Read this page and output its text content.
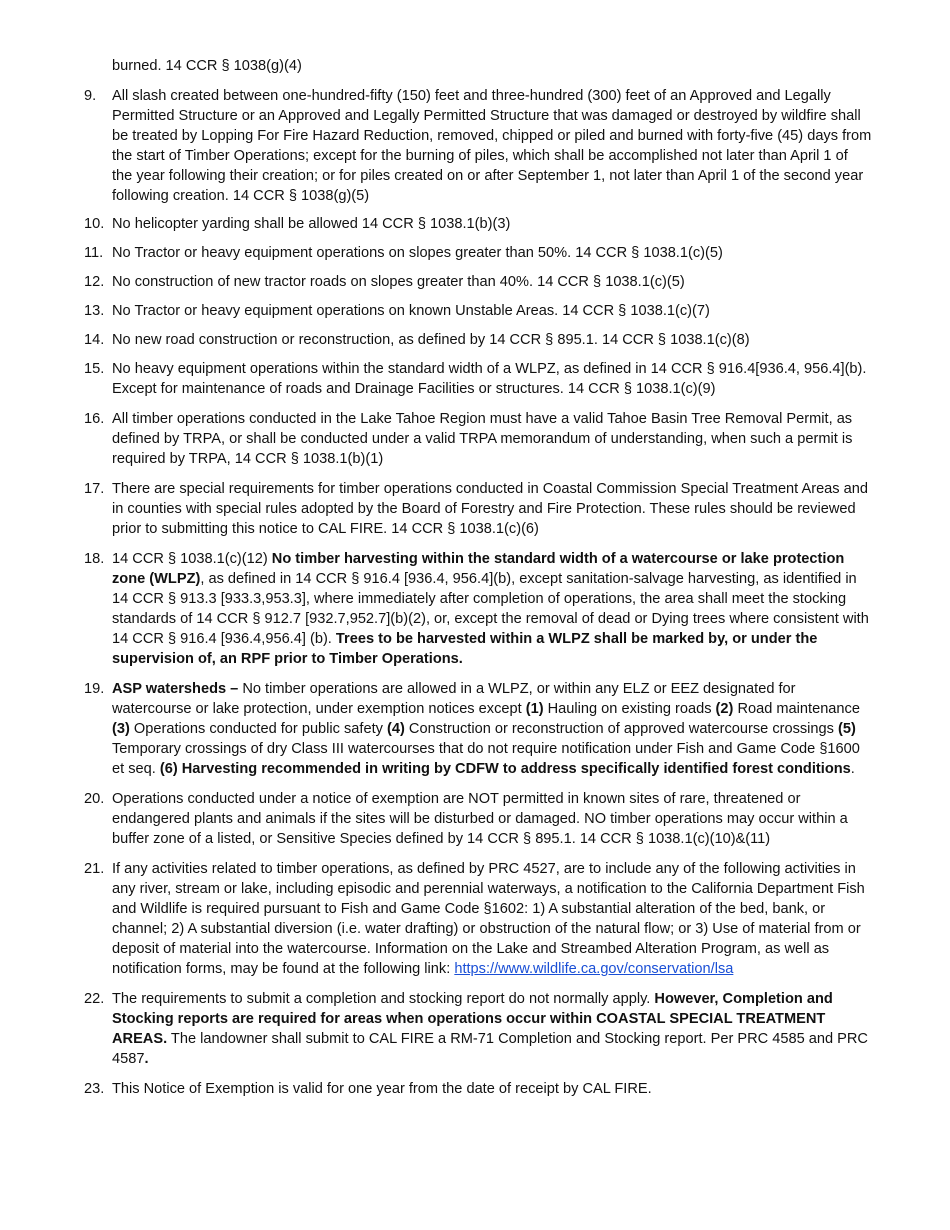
burned. 14 CCR § 1038(g)(4)
9. All slash created between one-hundred-fifty (150) feet and three-hundred (300) feet of an Approved and Legally Permitted Structure or an Approved and Legally Permitted Structure that was damaged or destroyed by wildfire shall be treated by Lopping For Fire Hazard Reduction, removed, chipped or piled and burned with forty-five (45) days from the start of Timber Operations; except for the burning of piles, which shall be accomplished not later than April 1 of the year following their creation; or for piles created on or after September 1, not later than April 1 of the second year following creation. 14 CCR § 1038(g)(5)
10. No helicopter yarding shall be allowed 14 CCR § 1038.1(b)(3)
11. No Tractor or heavy equipment operations on slopes greater than 50%. 14 CCR § 1038.1(c)(5)
12. No construction of new tractor roads on slopes greater than 40%. 14 CCR § 1038.1(c)(5)
13. No Tractor or heavy equipment operations on known Unstable Areas. 14 CCR § 1038.1(c)(7)
14. No new road construction or reconstruction, as defined by 14 CCR § 895.1. 14 CCR § 1038.1(c)(8)
15. No heavy equipment operations within the standard width of a WLPZ, as defined in 14 CCR § 916.4[936.4, 956.4](b). Except for maintenance of roads and Drainage Facilities or structures. 14 CCR § 1038.1(c)(9)
16. All timber operations conducted in the Lake Tahoe Region must have a valid Tahoe Basin Tree Removal Permit, as defined by TRPA, or shall be conducted under a valid TRPA memorandum of understanding, when such a permit is required by TRPA, 14 CCR § 1038.1(b)(1)
17. There are special requirements for timber operations conducted in Coastal Commission Special Treatment Areas and in counties with special rules adopted by the Board of Forestry and Fire Protection. These rules should be reviewed prior to submitting this notice to CAL FIRE. 14 CCR § 1038.1(c)(6)
18. 14 CCR § 1038.1(c)(12) No timber harvesting within the standard width of a watercourse or lake protection zone (WLPZ), as defined in 14 CCR § 916.4 [936.4, 956.4](b), except sanitation-salvage harvesting, as identified in 14 CCR § 913.3 [933.3,953.3], where immediately after completion of operations, the area shall meet the stocking standards of 14 CCR § 912.7 [932.7,952.7](b)(2), or, except the removal of dead or Dying trees where consistent with 14 CCR § 916.4 [936.4,956.4] (b). Trees to be harvested within a WLPZ shall be marked by, or under the supervision of, an RPF prior to Timber Operations.
19. ASP watersheds – No timber operations are allowed in a WLPZ, or within any ELZ or EEZ designated for watercourse or lake protection, under exemption notices except (1) Hauling on existing roads (2) Road maintenance (3) Operations conducted for public safety (4) Construction or reconstruction of approved watercourse crossings (5) Temporary crossings of dry Class III watercourses that do not require notification under Fish and Game Code §1600 et seq. (6) Harvesting recommended in writing by CDFW to address specifically identified forest conditions.
20. Operations conducted under a notice of exemption are NOT permitted in known sites of rare, threatened or endangered plants and animals if the sites will be disturbed or damaged. NO timber operations may occur within a buffer zone of a listed, or Sensitive Species defined by 14 CCR § 895.1. 14 CCR § 1038.1(c)(10)&(11)
21. If any activities related to timber operations, as defined by PRC 4527, are to include any of the following activities in any river, stream or lake, including episodic and perennial waterways, a notification to the California Department Fish and Wildlife is required pursuant to Fish and Game Code §1602: 1) A substantial alteration of the bed, bank, or channel; 2) A substantial diversion (i.e. water drafting) or obstruction of the natural flow; or 3) Use of material from or deposit of material into the watercourse. Information on the Lake and Streambed Alteration Program, as well as notification forms, may be found at the following link: https://www.wildlife.ca.gov/conservation/lsa
22. The requirements to submit a completion and stocking report do not normally apply. However, Completion and Stocking reports are required for areas when operations occur within COASTAL SPECIAL TREATMENT AREAS. The landowner shall submit to CAL FIRE a RM-71 Completion and Stocking report. Per PRC 4585 and PRC 4587.
23. This Notice of Exemption is valid for one year from the date of receipt by CAL FIRE.
